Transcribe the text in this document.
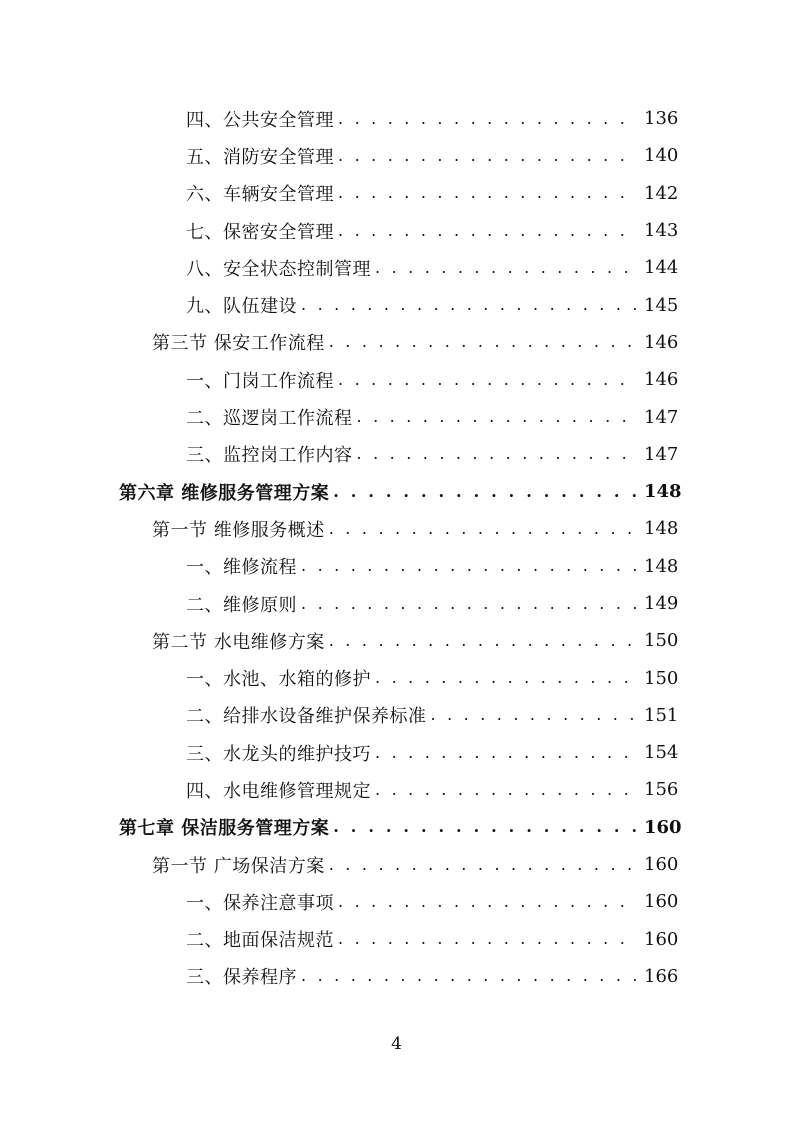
四、公共安全管理 . . .	136
五、消防安全管理 . . .	140
六、车辆安全管理 . . .	142
七、保密安全管理 . . .	143
八、安全状态控制管理 . . .	144
九、队伍建设 . . .	145
第三节 保安工作流程 . . .	146
一、门岗工作流程 . . .	146
二、巡逻岗工作流程 . . .	147
三、监控岗工作内容 . . .	147
第六章 维修服务管理方案 . . .	148
第一节 维修服务概述 . . .	148
一、维修流程 . . .	148
二、维修原则 . . .	149
第二节 水电维修方案 . . .	150
一、水池、水箱的修护 . . .	150
二、给排水设备维护保养标准 . . .	151
三、水龙头的维护技巧 . . .	154
四、水电维修管理规定 . . .	156
第七章 保洁服务管理方案 . . .	160
第一节 广场保洁方案 . . .	160
一、保养注意事项 . . .	160
二、地面保洁规范 . . .	160
三、保养程序 . . .	166
4
